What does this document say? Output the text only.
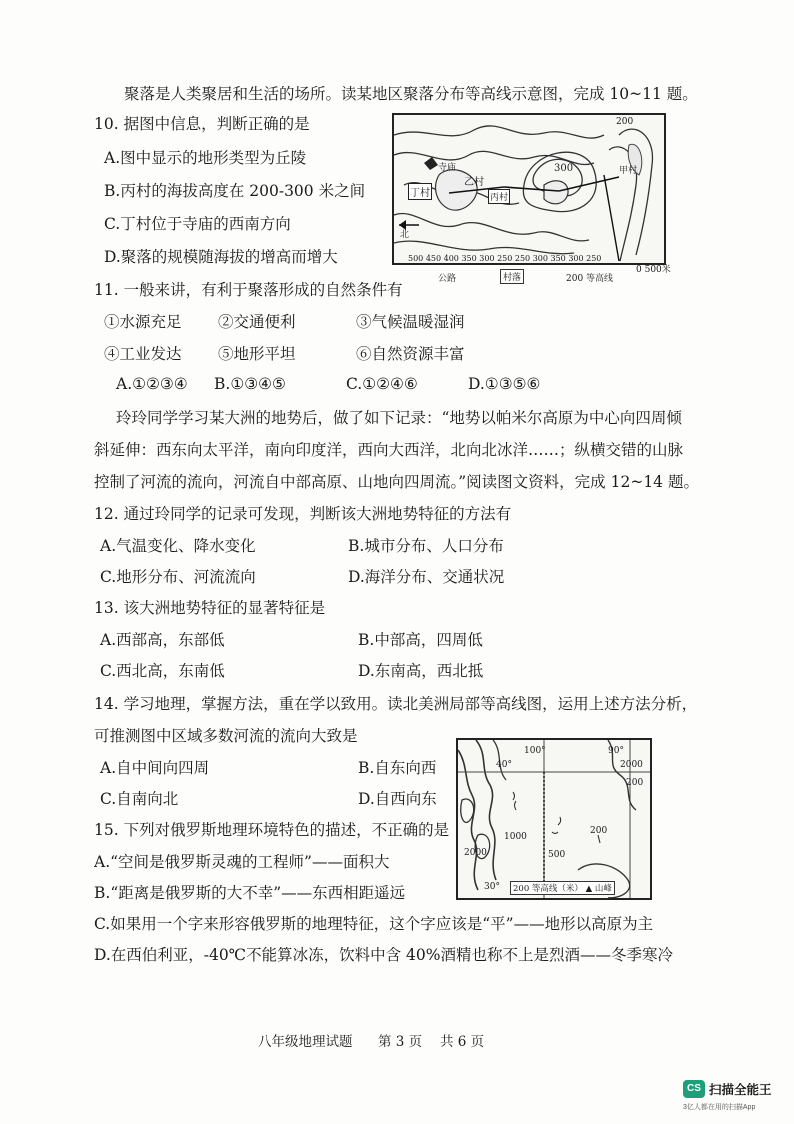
聚落是人类聚居和生活的场所。读某地区聚落分布等高线示意图，完成 10~11 题。
10. 据图中信息，判断正确的是
A.图中显示的地形类型为丘陵
B.丙村的海拔高度在 200-300 米之间
C.丁村位于寺庙的西南方向
D.聚落的规模随海拔的增高而增大
寺庙
丁村
乙村
丙村
甲村
200
300
北
500 450 400 350 300 250 250 300 350 300 250
公路	村落	200 等高线
0 500米
11. 一般来讲，有利于聚落形成的自然条件有
①水源充足 ②交通便利	③气候温暖湿润
④工业发达 ⑤地形平坦	⑥自然资源丰富
A.①②③④ B.①③④⑤	C.①②④⑥	D.①③⑤⑥
玲玲同学学习某大洲的地势后，做了如下记录：“地势以帕米尔高原为中心向四周倾
斜延伸：西东向太平洋，南向印度洋，西向大西洋，北向北冰洋……；纵横交错的山脉
控制了河流的流向，河流自中部高原、山地向四周流。”阅读图文资料，完成 12~14 题。
12. 通过玲同学的记录可发现，判断该大洲地势特征的方法有
A.气温变化、降水变化	B.城市分布、人口分布
C.地形分布、河流流向	D.海洋分布、交通状况
13. 该大洲地势特征的显著特征是
A.西部高，东部低	B.中部高，四周低
C.西北高，东南低	D.东南高，西北抵
14. 学习地理，掌握方法，重在学以致用。读北美洲局部等高线图，运用上述方法分析，
可推测图中区域多数河流的流向大致是
A.自中间向四周	B.自东向西
C.自南向北	D.自西向东
100°	90°
40°	2000
2000
1000
500
200
200
30°	200 等高线（米） ▲ 山峰
15. 下列对俄罗斯地理环境特色的描述，不正确的是
A.“空间是俄罗斯灵魂的工程师”——面积大
B.“距离是俄罗斯的大不幸”——东西相距遥远
C.如果用一个字来形容俄罗斯的地理特征，这个字应该是“平”——地形以高原为主
D.在西伯利亚，-40℃不能算冰冻，饮料中含 40%酒精也称不上是烈酒——冬季寒冷
八年级地理试题 第 3 页 共 6 页
CS 扫描全能王
3亿人都在用的扫描App
